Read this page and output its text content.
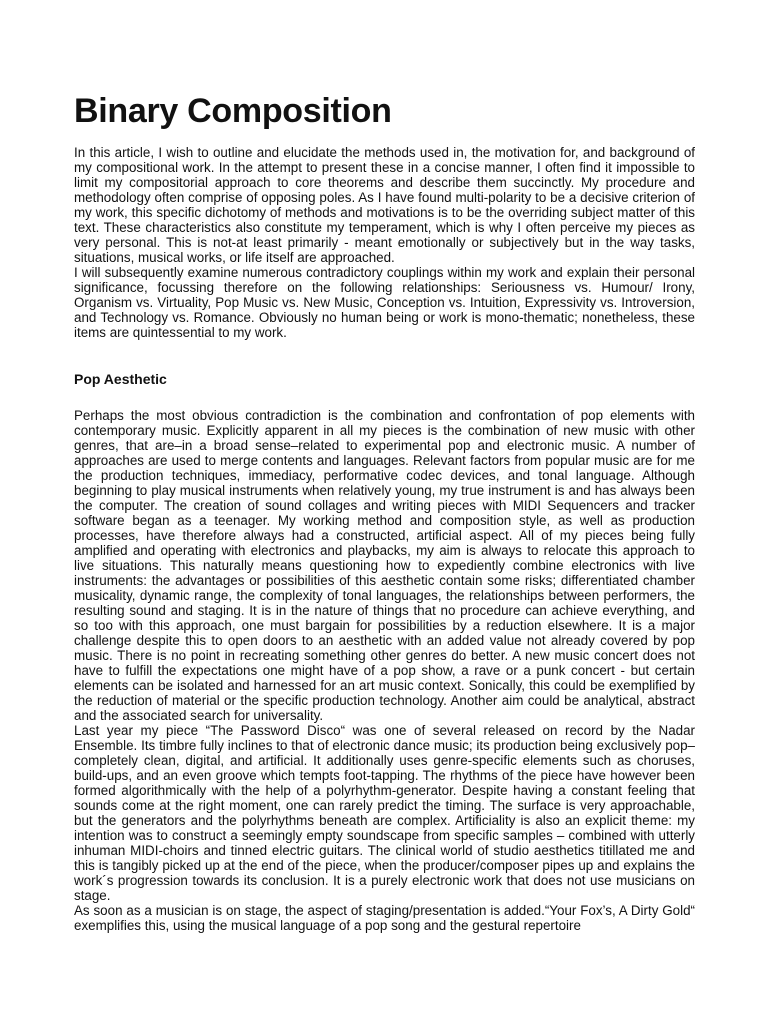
Binary Composition

In this article, I wish to outline and elucidate the methods used in, the motivation for, and background of my compositional work. In the attempt to present these in a concise manner, I often find it impossible to limit my compositorial approach to core theorems and describe them succinctly. My procedure and methodology often comprise of opposing poles. As I have found multi-polarity to be a decisive criterion of my work, this specific dichotomy of methods and motivations is to be the overriding subject matter of this text. These characteristics also constitute my temperament, which is why I often perceive my pieces as very personal. This is not-at least primarily - meant emotionally or subjectively but in the way tasks, situations, musical works, or life itself are approached.

I will subsequently examine numerous contradictory couplings within my work and explain their personal significance, focussing therefore on the following relationships: Seriousness vs. Humour/ Irony, Organism vs. Virtuality, Pop Music vs. New Music, Conception vs. Intuition, Expressivity vs. Introversion, and Technology vs. Romance. Obviously no human being or work is mono-thematic; nonetheless, these items are quintessential to my work.

Pop Aesthetic

Perhaps the most obvious contradiction is the combination and confrontation of pop elements with contemporary music. Explicitly apparent in all my pieces is the combination of new music with other genres, that are–in a broad sense–related to experimental pop and electronic music. A number of approaches are used to merge contents and languages. Relevant factors from popular music are for me the production techniques, immediacy, performative codec devices, and tonal language. Although beginning to play musical instruments when relatively young, my true instrument is and has always been the computer. The creation of sound collages and writing pieces with MIDI Sequencers and tracker software began as a teenager. My working method and composition style, as well as production processes, have therefore always had a constructed, artificial aspect. All of my pieces being fully amplified and operating with electronics and playbacks, my aim is always to relocate this approach to live situations. This naturally means questioning how to expediently combine electronics with live instruments: the advantages or possibilities of this aesthetic contain some risks; differentiated chamber musicality, dynamic range, the complexity of tonal languages, the relationships between performers, the resulting sound and staging. It is in the nature of things that no procedure can achieve everything, and so too with this approach, one must bargain for possibilities by a reduction elsewhere. It is a major challenge despite this to open doors to an aesthetic with an added value not already covered by pop music. There is no point in recreating something other genres do better. A new music concert does not have to fulfill the expectations one might have of a pop show, a rave or a punk concert - but certain elements can be isolated and harnessed for an art music context. Sonically, this could be exemplified by the reduction of material or the specific production technology. Another aim could be analytical, abstract and the associated search for universality.

Last year my piece “The Password Disco“ was one of several released on record by the Nadar Ensemble. Its timbre fully inclines to that of electronic dance music; its production being exclusively pop–completely clean, digital, and artificial. It additionally uses genre-specific elements such as choruses, build-ups, and an even groove which tempts foot-tapping. The rhythms of the piece have however been formed algorithmically with the help of a polyrhythm-generator. Despite having a constant feeling that sounds come at the right moment, one can rarely predict the timing. The surface is very approachable, but the generators and the polyrhythms beneath are complex. Artificiality is also an explicit theme: my intention was to construct a seemingly empty soundscape from specific samples – combined with utterly inhuman MIDI-choirs and tinned electric guitars. The clinical world of studio aesthetics titillated me and this is tangibly picked up at the end of the piece, when the producer/composer pipes up and explains the work´s progression towards its conclusion. It is a purely electronic work that does not use musicians on stage.

As soon as a musician is on stage, the aspect of staging/presentation is added.“Your Fox’s, A Dirty Gold“ exemplifies this, using the musical language of a pop song and the gestural repertoire
